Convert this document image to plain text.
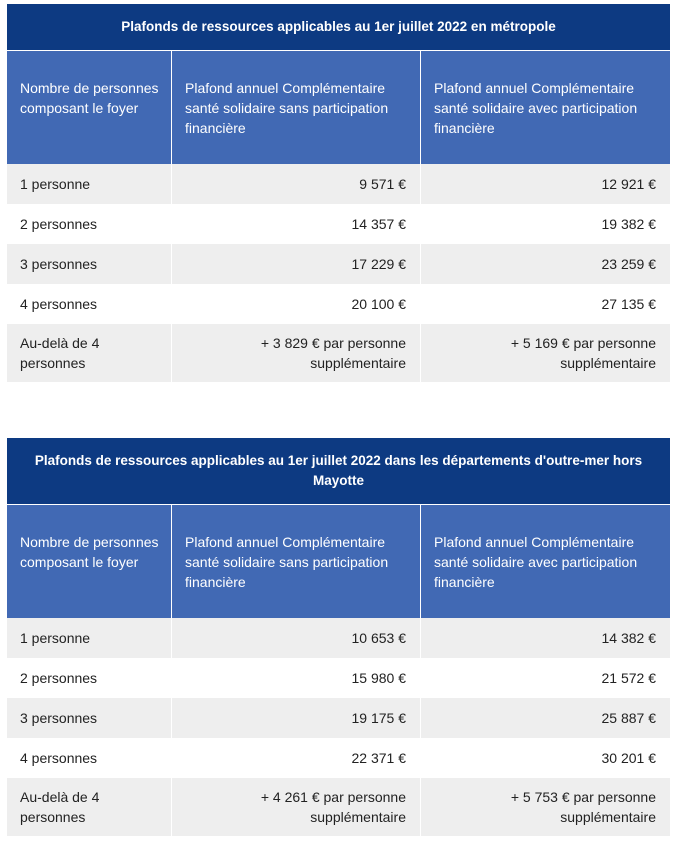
Plafonds de ressources applicables au 1er juillet 2022 en métropole		
Nombre de personnes composant le foyer	Plafond annuel Complémentaire santé solidaire sans participation financière	Plafond annuel Complémentaire santé solidaire avec participation financière
1 personne	9 571 €	12 921 €
2 personnes	14 357 €	19 382 €
3 personnes	17 229 €	23 259 €
4 personnes	20 100 €	27 135 €
Au-delà de 4 personnes	+ 3 829 € par personne supplémentaire	+ 5 169 € par personne supplémentaire
Plafonds de ressources applicables au 1er juillet 2022 dans les départements d'outre-mer hors Mayotte		
Nombre de personnes composant le foyer	Plafond annuel Complémentaire santé solidaire sans participation financière	Plafond annuel Complémentaire santé solidaire avec participation financière
1 personne	10 653 €	14 382 €
2 personnes	15 980 €	21 572 €
3 personnes	19 175 €	25 887 €
4 personnes	22 371 €	30 201 €
Au-delà de 4 personnes	+ 4 261 € par personne supplémentaire	+ 5 753 € par personne supplémentaire
